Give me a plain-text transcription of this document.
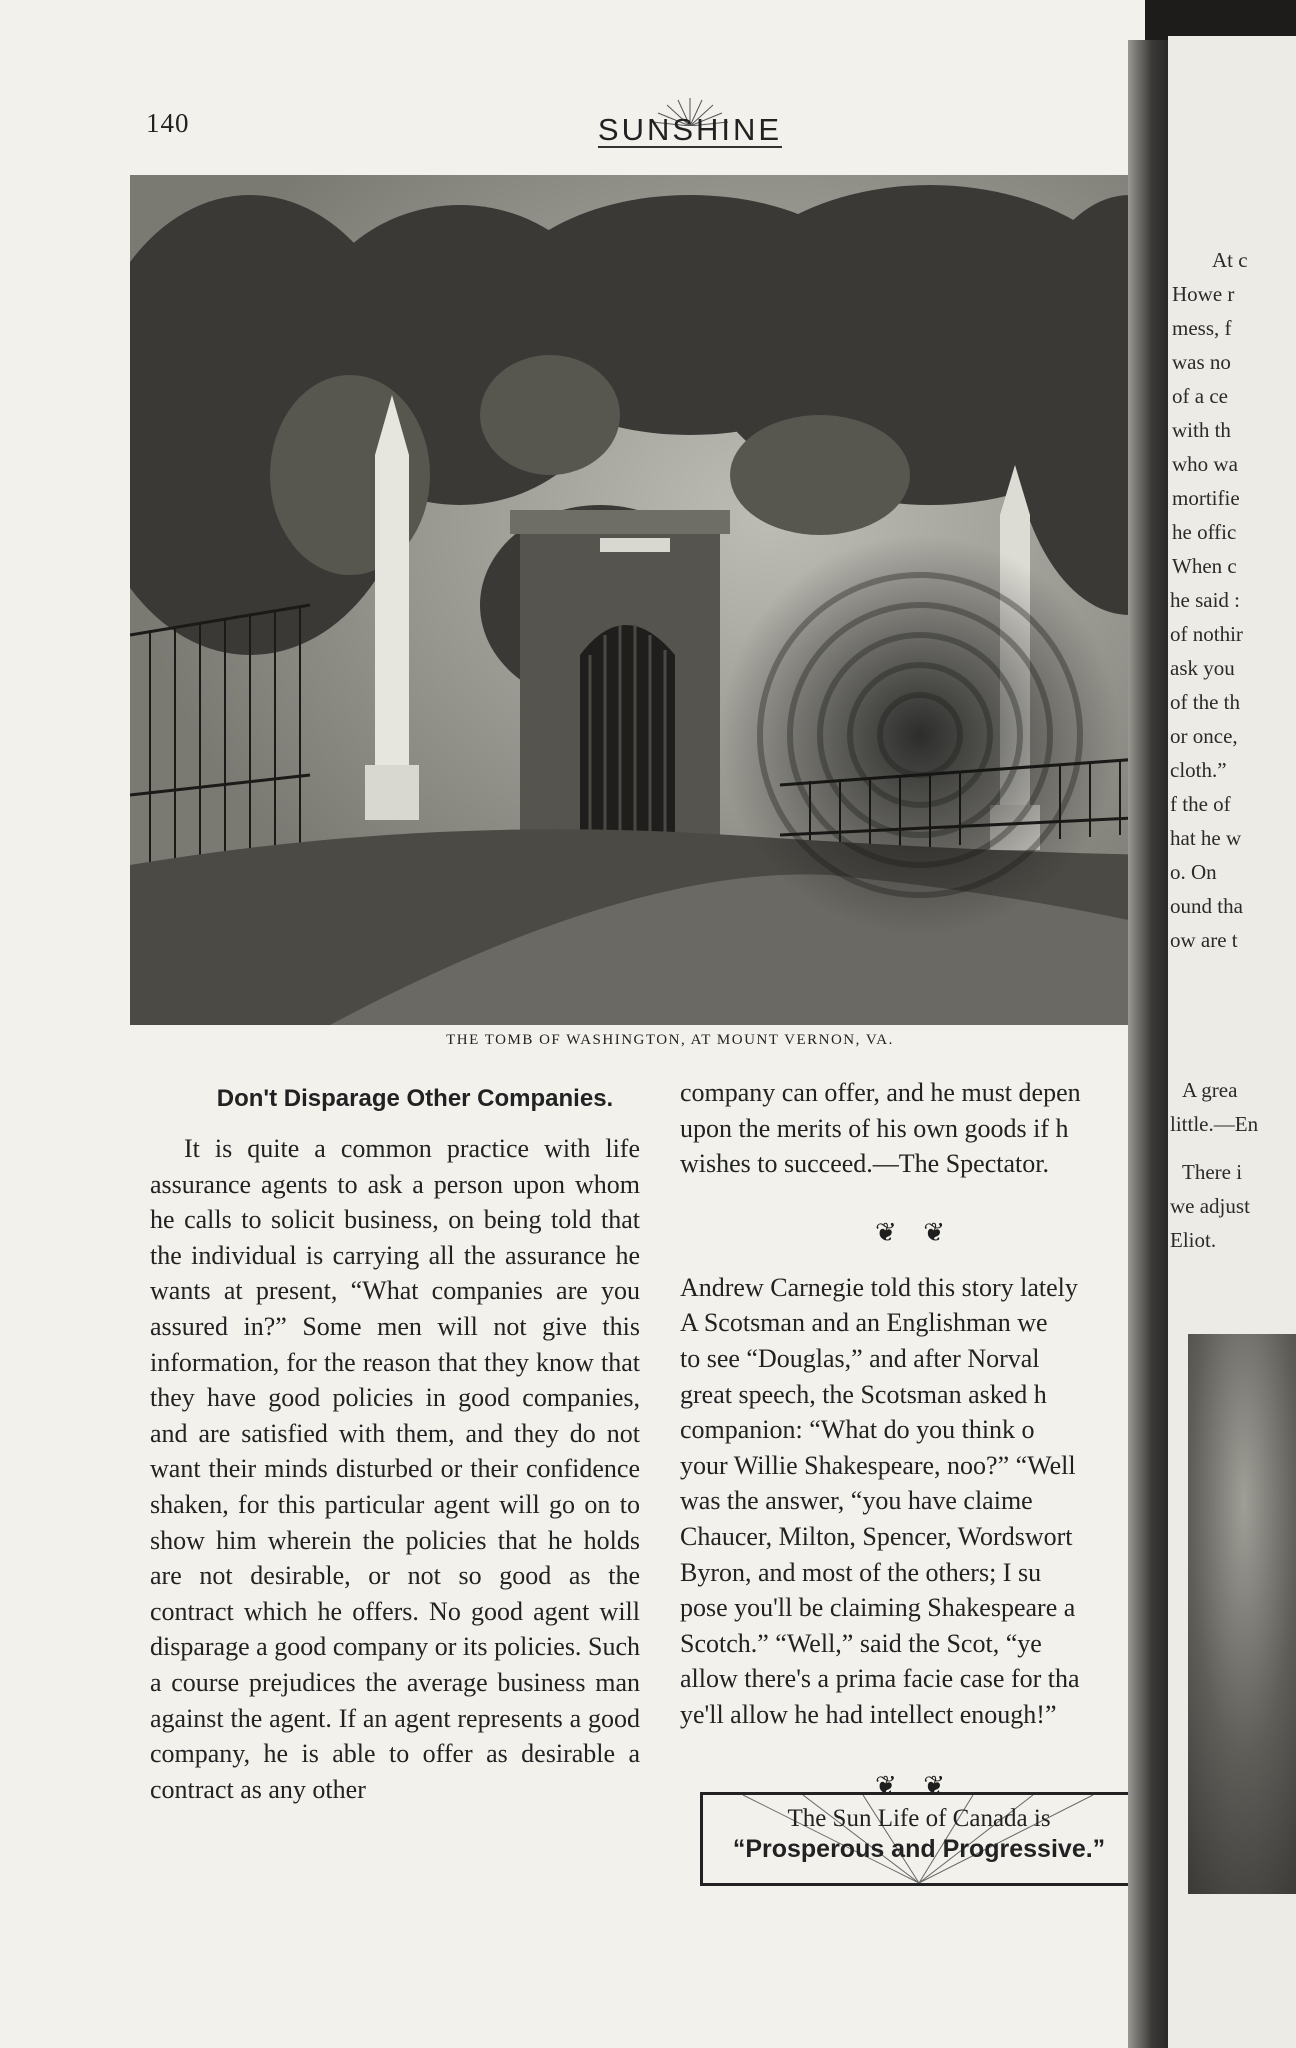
140	SUNSHINE
THE TOMB OF WASHINGTON, AT MOUNT VERNON, VA.
Don't Disparage Other Companies.

It is quite a common practice with life assurance agents to ask a person upon whom he calls to solicit business, on being told that the individual is carrying all the assurance he wants at present, “What companies are you assured in?” Some men will not give this information, for the reason that they know that they have good policies in good companies, and are satisfied with them, and they do not want their minds disturbed or their confidence shaken, for this particular agent will go on to show him wherein the policies that he holds are not desirable, or not so good as the contract which he offers. No good agent will disparage a good company or its policies. Such a course prejudices the average business man against the agent. If an agent represents a good company, he is able to offer as desirable a contract as any other

company can offer, and he must depen
upon the merits of his own goods if h
wishes to succeed.—The Spectator.

❦ ❦

Andrew Carnegie told this story lately
A Scotsman and an Englishman we
to see “Douglas,” and after Norval
great speech, the Scotsman asked h
companion: “What do you think o
your Willie Shakespeare, noo?” “Well
was the answer, “you have claime
Chaucer, Milton, Spencer, Wordswort
Byron, and most of the others; I su
pose you'll be claiming Shakespeare a
Scotch.” “Well,” said the Scot, “ye
allow there's a prima facie case for tha
ye'll allow he had intellect enough!”

❦ ❦
The Sun Life of Canada is
“Prosperous and Progressive.”
At c
Howe r
mess, f
was no
of a ce
with th
who wa
mortifie
he offic
When c
he said :
of nothir
ask you
of the th
or once,
cloth.”
f the of
hat he w
o. On
ound tha
ow are t
A grea
little.—En
There i
we adjust
Eliot.
